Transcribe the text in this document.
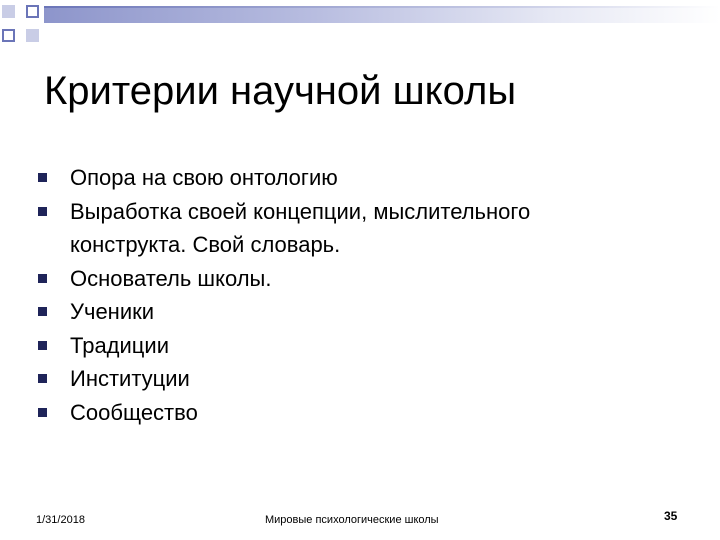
Критерии научной школы
Опора на свою онтологию
Выработка своей концепции, мыслительного
конструкта. Свой словарь.
Основатель школы.
Ученики
Традиции
Институции
Сообщество
1/31/2018	Мировые психологические школы	35
